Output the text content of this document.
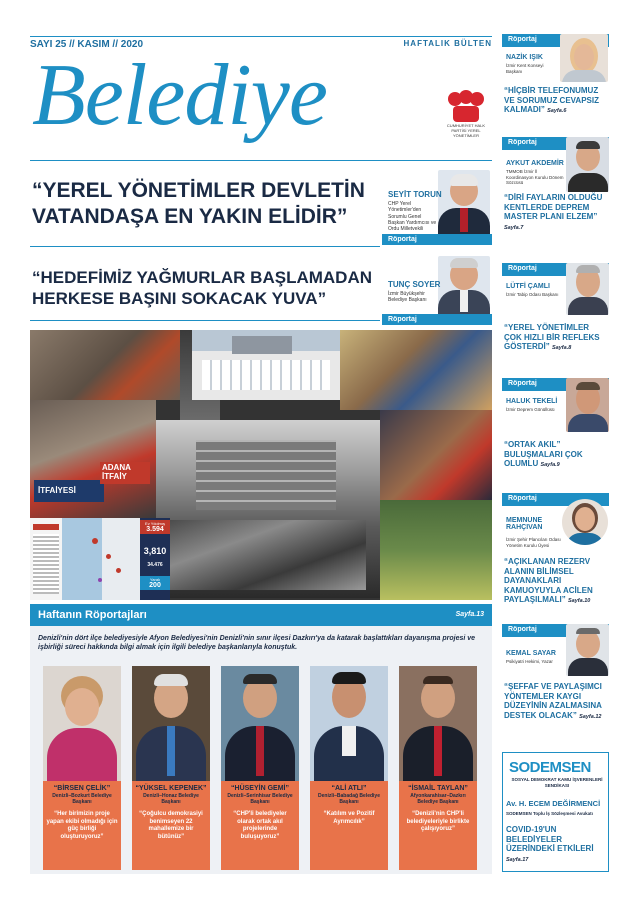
SAYI 25 // KASIM // 2020	HAFTALIK BÜLTEN
Belediye	CUMHURİYET HALK PARTİSİ YEREL YÖNETİMLER
“YEREL YÖNETİMLER DEVLETİN VATANDAŞA EN YAKIN ELİDİR”
SEYİT TORUN
CHP Yerel Yönetimler'den Sorumlu Genel Başkan Yardımcısı ve Ordu Milletvekili
Röportaj
“HEDEFİMİZ YAĞMURLAR BAŞLAMADAN HERKESE BAŞINI SOKACAK YUVA”
TUNÇ SOYER
İzmir Büyükşehir Belediye Başkanı
Röportaj
İTFAİYESİ
ADANA İTFAİY
Ev Yıkılmış
3.594
3,810
34.476
Yaralı
200
Haftanın Röportajları	Sayfa.13
Denizli'nin dört ilçe belediyesiyle Afyon Belediyesi'nin Denizli'nin sınır ilçesi Dazkırı'ya da katarak başlattıkları dayanışma projesi ve işbirliği süreci hakkında bilgi almak için ilgili belediye başkanlarıyla konuştuk.
“BİRSEN ÇELİK”
Denizli–Bozkurt Belediye Başkanı
“Her birimizin proje yapan ekibi olmadığı için güç birliği oluşturuyoruz”
“YÜKSEL KEPENEK”
Denizli–Honaz Belediye Başkanı
“Çoğulcu demokrasiyi benimseyen 22 mahallemize bir bütünüz”
“HÜSEYİN GEMİ”
Denizli–Serinhisar Belediye Başkanı
“CHP'li belediyeler olarak ortak akıl projelerinde buluşuyoruz”
“ALİ ATLI”
Denizli–Babadağ Belediye Başkanı
“Katılım ve Pozitif Ayrımcılık”
“İSMAİL TAYLAN”
Afyonkarahisar–Dazkırı Belediye Başkanı
“Denizli'nin CHP'li belediyeleriyle birlikte çalışıyoruz”
Röportaj
NAZİK IŞIK
İzmir Kent Konseyi Başkanı
“HİÇBİR TELEFONUMUZ VE SORUMUZ CEVAPSIZ KALMADI” Sayfa.6
Röportaj
AYKUT AKDEMİR
TMMOB İzmir İl Koordinasyon Kurulu Dönem Sözcüsü
“DİRİ FAYLARIN OLDUĞU KENTLERDE DEPREM MASTER PLANI ELZEM” Sayfa.7
Röportaj
LÜTFİ ÇAMLI
İzmir Tabip Odası Başkanı
“YEREL YÖNETİMLER ÇOK HIZLI BİR REFLEKS GÖSTERDİ” Sayfa.8
Röportaj
HALUK TEKELİ
İzmir Deprem Gönüllüsü
“ORTAK AKIL” BULUŞMALARI ÇOK OLUMLU Sayfa.9
Röportaj
MEMNUNE RAHÇIVAN
İzmir Şehir Plancıları Odası Yönetim Kurulu Üyesi
“AÇIKLANAN REZERV ALANIN BİLİMSEL DAYANAKLARI KAMUOYUYLA ACİLEN PAYLAŞILMALI” Sayfa.10
Röportaj
KEMAL SAYAR
Psikiyatri Hekimi, Yazar
“ŞEFFAF VE PAYLAŞIMCI YÖNTEMLER KAYGI DÜZEYİNİN AZALMASINA DESTEK OLACAK” Sayfa.12
SODEMSEN
SOSYAL DEMOKRAT KAMU İŞVERENLERİ SENDİKASI
Av. H. ECEM DEĞİRMENCİ
SODEMSEN Toplu İş Sözleşmesi Avukatı
COVID-19'UN BELEDİYELER ÜZERİNDEKİ ETKİLERİ
Sayfa.17
